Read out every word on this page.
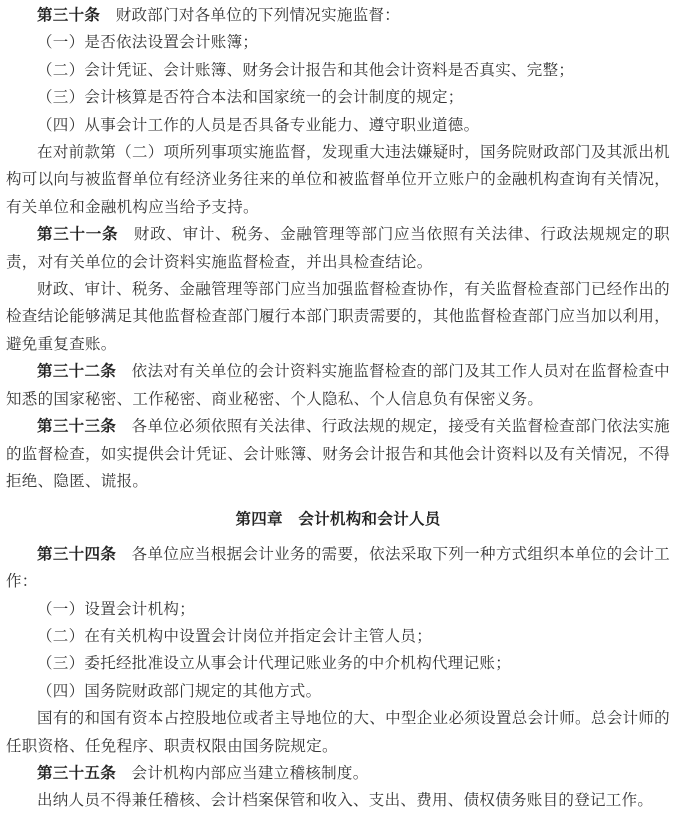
第三十条 财政部门对各单位的下列情况实施监督：

（一）是否依法设置会计账簿；

（二）会计凭证、会计账簿、财务会计报告和其他会计资料是否真实、完整；

（三）会计核算是否符合本法和国家统一的会计制度的规定；

（四）从事会计工作的人员是否具备专业能力、遵守职业道德。

在对前款第（二）项所列事项实施监督，发现重大违法嫌疑时，国务院财政部门及其派出机构可以向与被监督单位有经济业务往来的单位和被监督单位开立账户的金融机构查询有关情况，有关单位和金融机构应当给予支持。

第三十一条 财政、审计、税务、金融管理等部门应当依照有关法律、行政法规规定的职责，对有关单位的会计资料实施监督检查，并出具检查结论。

财政、审计、税务、金融管理等部门应当加强监督检查协作，有关监督检查部门已经作出的检查结论能够满足其他监督检查部门履行本部门职责需要的，其他监督检查部门应当加以利用，避免重复查账。

第三十二条 依法对有关单位的会计资料实施监督检查的部门及其工作人员对在监督检查中知悉的国家秘密、工作秘密、商业秘密、个人隐私、个人信息负有保密义务。

第三十三条 各单位必须依照有关法律、行政法规的规定，接受有关监督检查部门依法实施的监督检查，如实提供会计凭证、会计账簿、财务会计报告和其他会计资料以及有关情况，不得拒绝、隐匿、谎报。

第四章 会计机构和会计人员

第三十四条 各单位应当根据会计业务的需要，依法采取下列一种方式组织本单位的会计工作：

（一）设置会计机构；

（二）在有关机构中设置会计岗位并指定会计主管人员；

（三）委托经批准设立从事会计代理记账业务的中介机构代理记账；

（四）国务院财政部门规定的其他方式。

国有的和国有资本占控股地位或者主导地位的大、中型企业必须设置总会计师。总会计师的任职资格、任免程序、职责权限由国务院规定。

第三十五条 会计机构内部应当建立稽核制度。

出纳人员不得兼任稽核、会计档案保管和收入、支出、费用、债权债务账目的登记工作。
